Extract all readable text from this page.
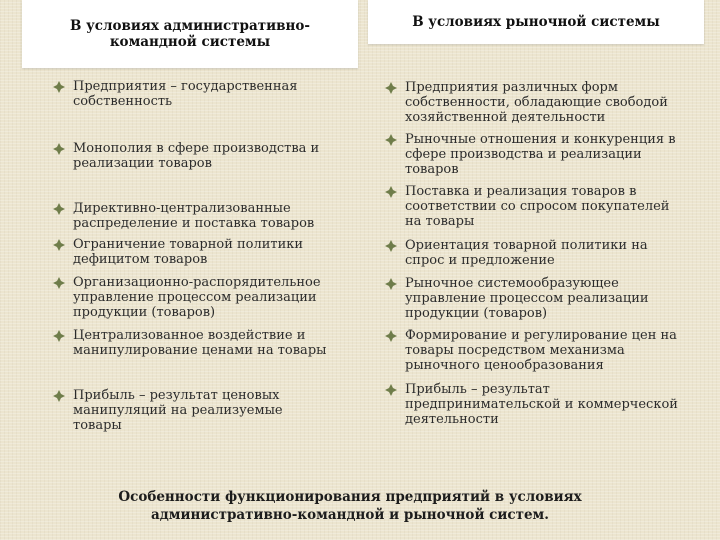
В условиях административно-командной системы
В условиях рыночной системы
Предприятия – государственная собственность
Монополия в сфере производства и реализации товаров
Директивно-централизованные распределение и поставка товаров
Ограничение товарной политики дефицитом товаров
Организационно-распорядительное управление процессом реализации продукции (товаров)
Централизованное воздействие и манипулирование ценами на товары
Прибыль – результат ценовых манипуляций на реализуемые товары
Предприятия различных форм собственности, обладающие свободой хозяйственной деятельности
Рыночные отношения и конкуренция в сфере производства и реализации товаров
Поставка и реализация товаров в соответствии со спросом покупателей на товары
Ориентация товарной политики на спрос и предложение
Рыночное системообразующее управление процессом реализации продукции (товаров)
Формирование и регулирование цен на товары посредством механизма рыночного ценообразования
Прибыль – результат предпринимательской и коммерческой деятельности
Особенности функционирования предприятий в условиях административно-командной и рыночной систем.
